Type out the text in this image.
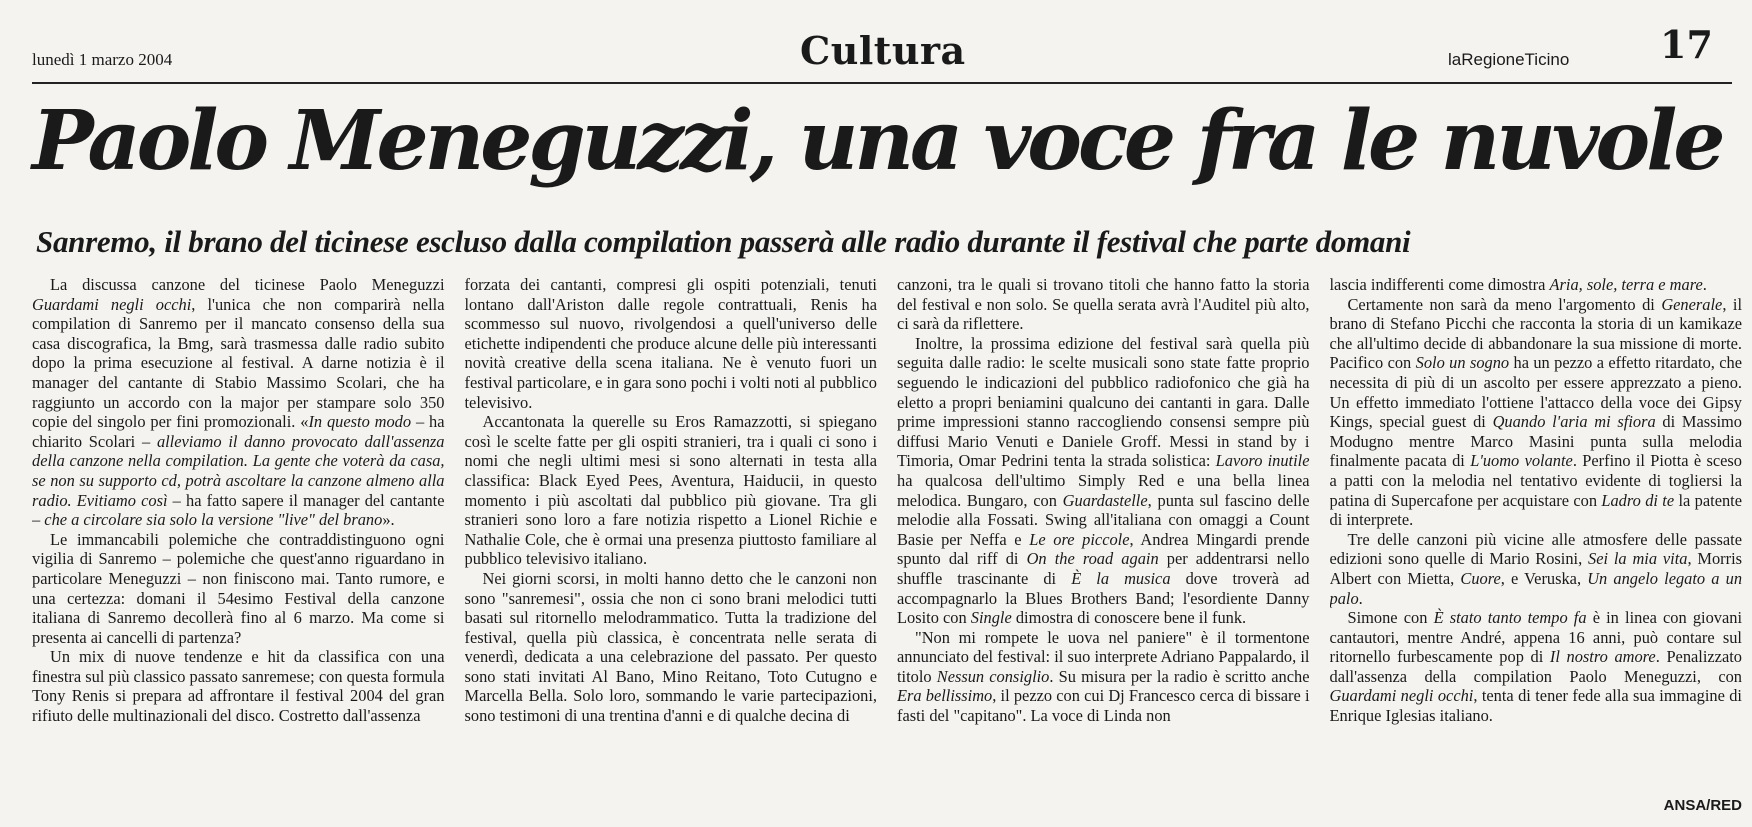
lunedì 1 marzo 2004	Cultura	laRegioneTicino 17
Paolo Meneguzzi, una voce fra le nuvole
Sanremo, il brano del ticinese escluso dalla compilation passerà alle radio durante il festival che parte domani

La discussa canzone del ticinese Paolo Meneguzzi Guardami negli occhi, l'unica che non comparirà nella compilation di Sanremo per il mancato consenso della sua casa discografica, la Bmg, sarà trasmessa dalle radio subito dopo la prima esecuzione al festival. A darne notizia è il manager del cantante di Stabio Massimo Scolari, che ha raggiunto un accordo con la major per stampare solo 350 copie del singolo per fini promozionali. «In questo modo – ha chiarito Scolari – alleviamo il danno provocato dall'assenza della canzone nella compilation. La gente che voterà da casa, se non su supporto cd, potrà ascoltare la canzone almeno alla radio. Evitiamo così – ha fatto sapere il manager del cantante – che a circolare sia solo la versione "live" del brano».

Le immancabili polemiche che contraddistinguono ogni vigilia di Sanremo – polemiche che quest'anno riguardano in particolare Meneguzzi – non finiscono mai. Tanto rumore, e una certezza: domani il 54esimo Festival della canzone italiana di Sanremo decollerà fino al 6 marzo. Ma come si presenta ai cancelli di partenza?

Un mix di nuove tendenze e hit da classifica con una finestra sul più classico passato sanremese; con questa formula Tony Renis si prepara ad affrontare il festival 2004 del gran rifiuto delle multinazionali del disco. Costretto dall'assenza

forzata dei cantanti, compresi gli ospiti potenziali, tenuti lontano dall'Ariston dalle regole contrattuali, Renis ha scommesso sul nuovo, rivolgendosi a quell'universo delle etichette indipendenti che produce alcune delle più interessanti novità creative della scena italiana. Ne è venuto fuori un festival particolare, e in gara sono pochi i volti noti al pubblico televisivo.

Accantonata la querelle su Eros Ramazzotti, si spiegano così le scelte fatte per gli ospiti stranieri, tra i quali ci sono i nomi che negli ultimi mesi si sono alternati in testa alla classifica: Black Eyed Pees, Aventura, Haiducii, in questo momento i più ascoltati dal pubblico più giovane. Tra gli stranieri sono loro a fare notizia rispetto a Lionel Richie e Nathalie Cole, che è ormai una presenza piuttosto familiare al pubblico televisivo italiano.

Nei giorni scorsi, in molti hanno detto che le canzoni non sono "sanremesi", ossia che non ci sono brani melodici tutti basati sul ritornello melodrammatico. Tutta la tradizione del festival, quella più classica, è concentrata nelle serata di venerdì, dedicata a una celebrazione del passato. Per questo sono stati invitati Al Bano, Mino Reitano, Toto Cutugno e Marcella Bella. Solo loro, sommando le varie partecipazioni, sono testimoni di una trentina d'anni e di qualche decina di

canzoni, tra le quali si trovano titoli che hanno fatto la storia del festival e non solo. Se quella serata avrà l'Auditel più alto, ci sarà da riflettere.

Inoltre, la prossima edizione del festival sarà quella più seguita dalle radio: le scelte musicali sono state fatte proprio seguendo le indicazioni del pubblico radiofonico che già ha eletto a propri beniamini qualcuno dei cantanti in gara. Dalle prime impressioni stanno raccogliendo consensi sempre più diffusi Mario Venuti e Daniele Groff. Messi in stand by i Timoria, Omar Pedrini tenta la strada solistica: Lavoro inutile ha qualcosa dell'ultimo Simply Red e una bella linea melodica. Bungaro, con Guardastelle, punta sul fascino delle melodie alla Fossati. Swing all'italiana con omaggi a Count Basie per Neffa e Le ore piccole, Andrea Mingardi prende spunto dal riff di On the road again per addentrarsi nello shuffle trascinante di È la musica dove troverà ad accompagnarlo la Blues Brothers Band; l'esordiente Danny Losito con Single dimostra di conoscere bene il funk.

"Non mi rompete le uova nel paniere" è il tormentone annunciato del festival: il suo interprete Adriano Pappalardo, il titolo Nessun consiglio. Su misura per la radio è scritto anche Era bellissimo, il pezzo con cui Dj Francesco cerca di bissare i fasti del "capitano". La voce di Linda non

lascia indifferenti come dimostra Aria, sole, terra e mare.

Certamente non sarà da meno l'argomento di Generale, il brano di Stefano Picchi che racconta la storia di un kamikaze che all'ultimo decide di abbandonare la sua missione di morte. Pacifico con Solo un sogno ha un pezzo a effetto ritardato, che necessita di più di un ascolto per essere apprezzato a pieno. Un effetto immediato l'ottiene l'attacco della voce dei Gipsy Kings, special guest di Quando l'aria mi sfiora di Massimo Modugno mentre Marco Masini punta sulla melodia finalmente pacata di L'uomo volante. Perfino il Piotta è sceso a patti con la melodia nel tentativo evidente di togliersi la patina di Supercafone per acquistare con Ladro di te la patente di interprete.

Tre delle canzoni più vicine alle atmosfere delle passate edizioni sono quelle di Mario Rosini, Sei la mia vita, Morris Albert con Mietta, Cuore, e Veruska, Un angelo legato a un palo.

Simone con È stato tanto tempo fa è in linea con giovani cantautori, mentre André, appena 16 anni, può contare sul ritornello furbescamente pop di Il nostro amore. Penalizzato dall'assenza della compilation Paolo Meneguzzi, con Guardami negli occhi, tenta di tener fede alla sua immagine di Enrique Iglesias italiano.

ANSA/RED
